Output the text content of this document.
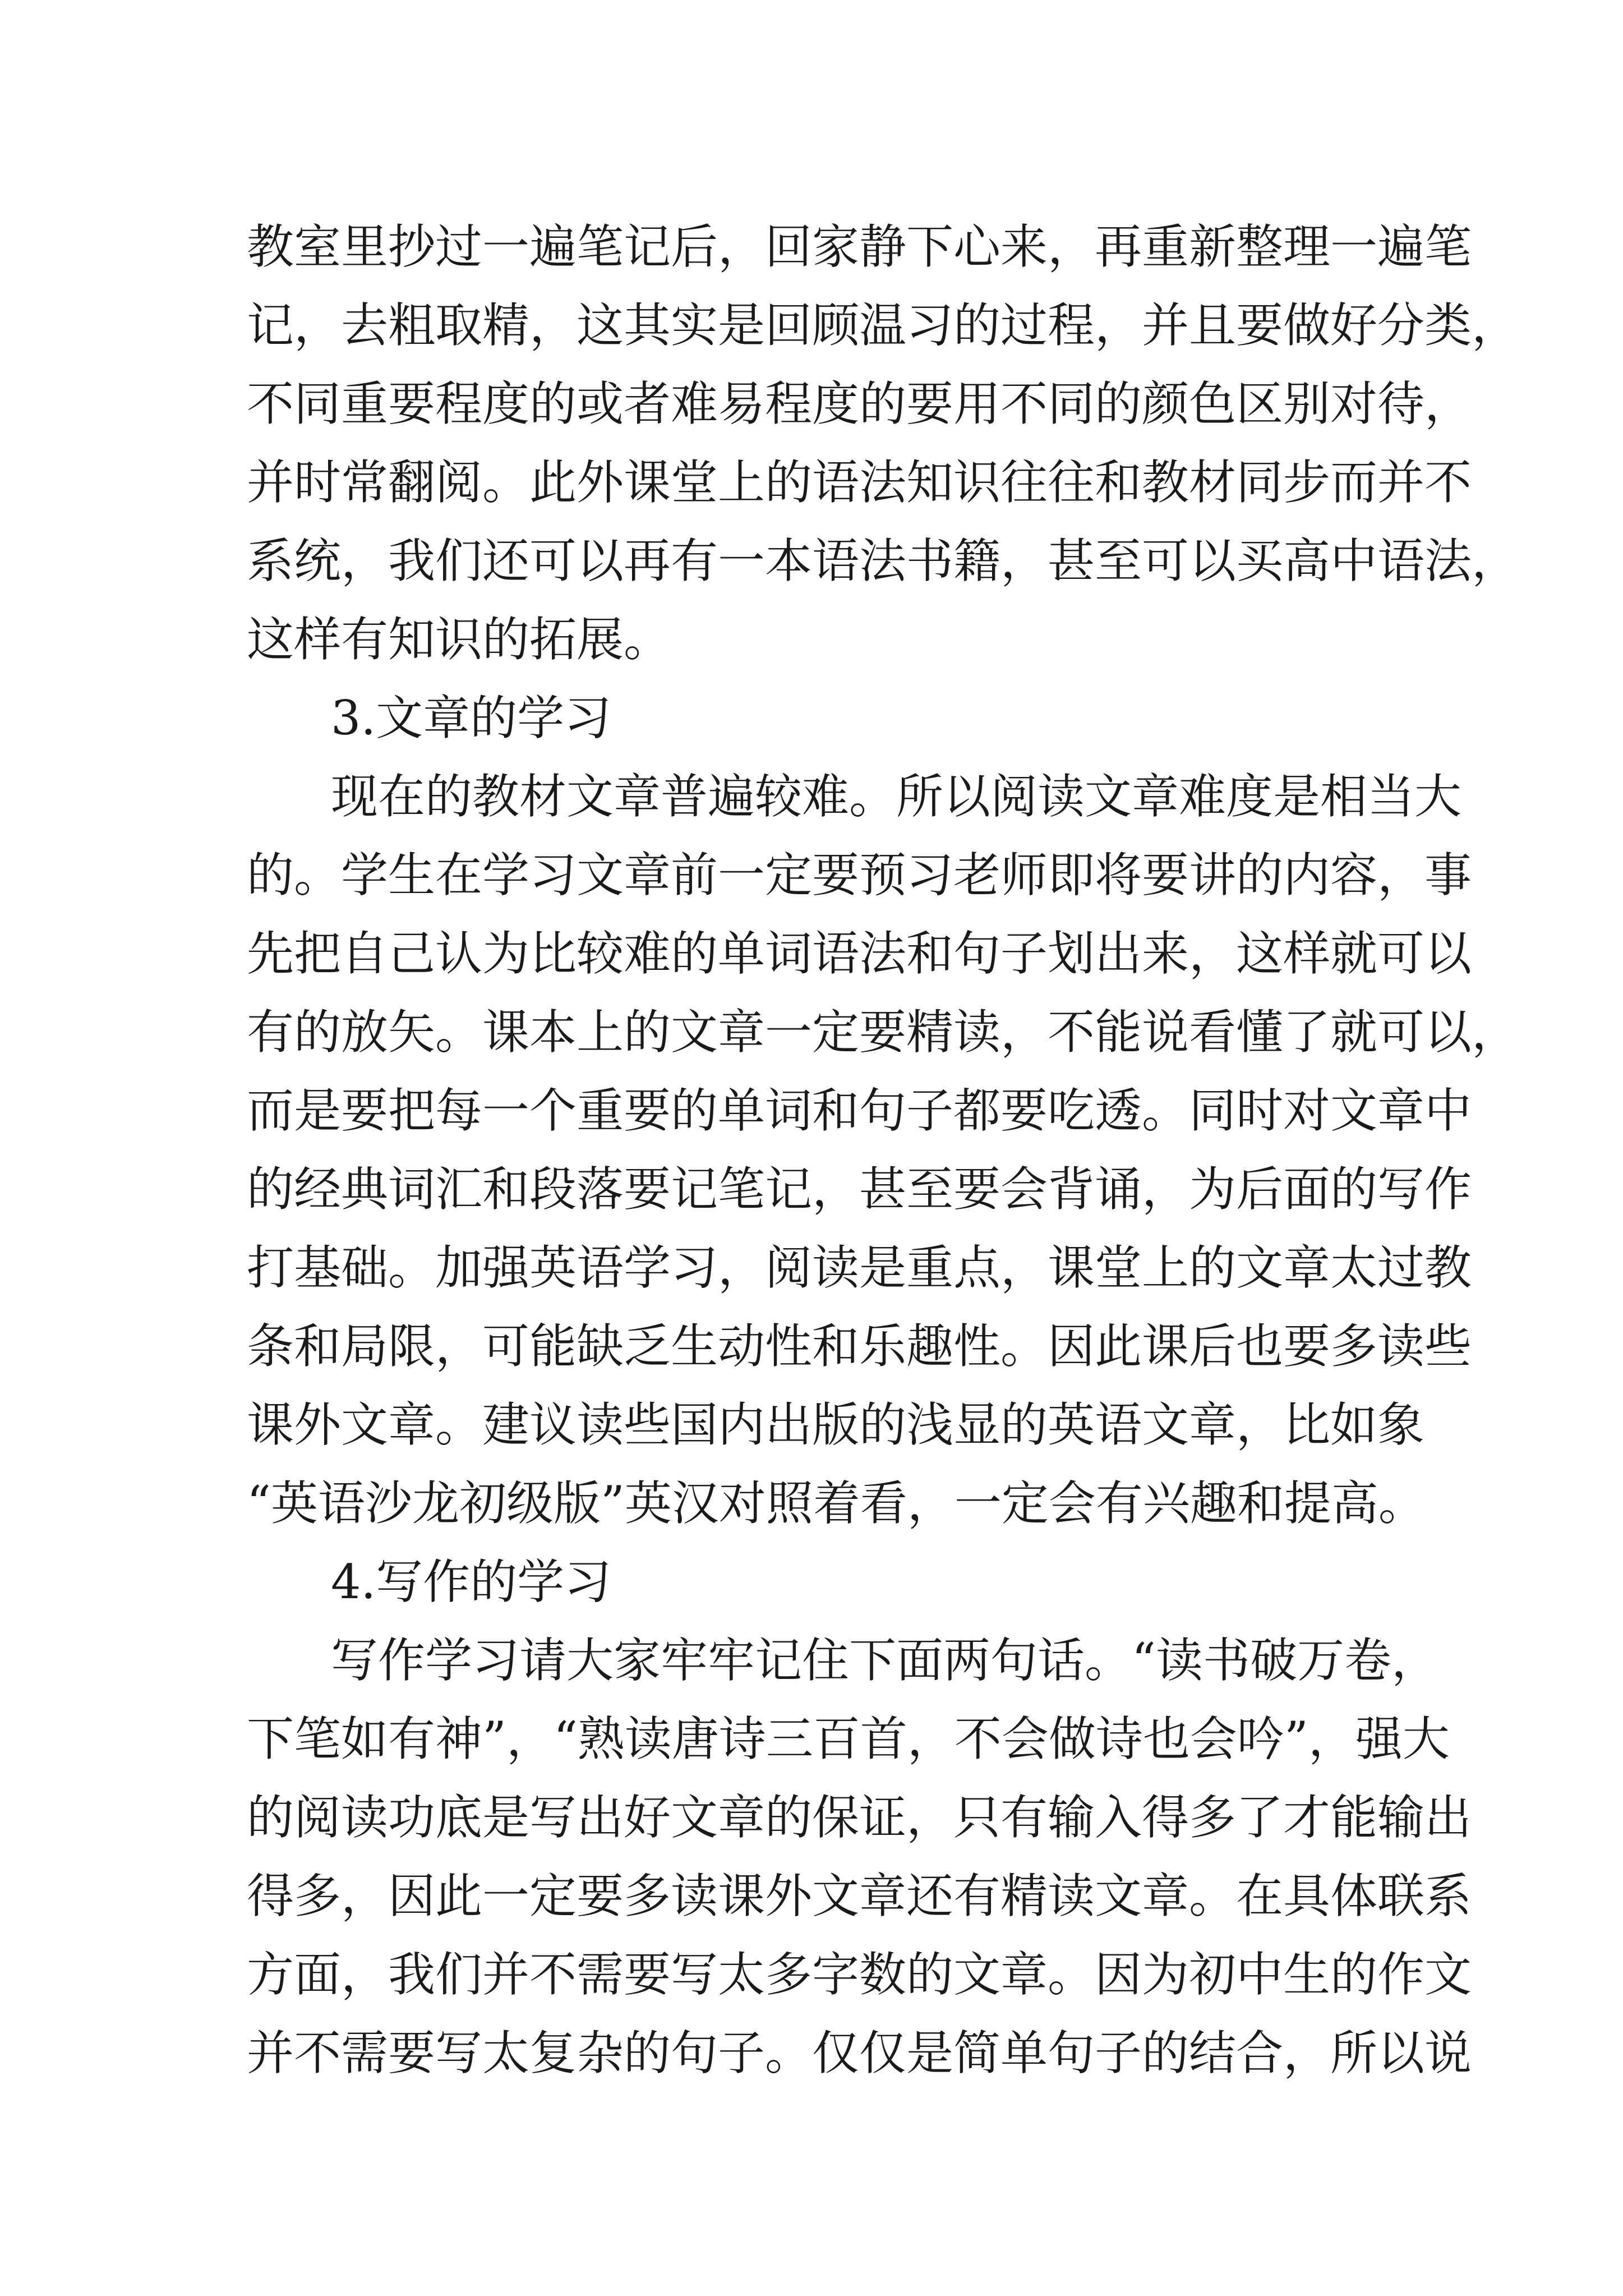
教室里抄过一遍笔记后，回家静下心来，再重新整理一遍笔
记，去粗取精，这其实是回顾温习的过程，并且要做好分类，
不同重要程度的或者难易程度的要用不同的颜色区别对待，
并时常翻阅。此外课堂上的语法知识往往和教材同步而并不
系统，我们还可以再有一本语法书籍，甚至可以买高中语法，
这样有知识的拓展。
3.文章的学习
现在的教材文章普遍较难。所以阅读文章难度是相当大
的。学生在学习文章前一定要预习老师即将要讲的内容，事
先把自己认为比较难的单词语法和句子划出来，这样就可以
有的放矢。课本上的文章一定要精读，不能说看懂了就可以，
而是要把每一个重要的单词和句子都要吃透。同时对文章中
的经典词汇和段落要记笔记，甚至要会背诵，为后面的写作
打基础。加强英语学习，阅读是重点，课堂上的文章太过教
条和局限，可能缺乏生动性和乐趣性。因此课后也要多读些
课外文章。建议读些国内出版的浅显的英语文章，比如象
“英语沙龙初级版”英汉对照着看，一定会有兴趣和提高。
4.写作的学习
写作学习请大家牢牢记住下面两句话。“读书破万卷，
下笔如有神”，“熟读唐诗三百首，不会做诗也会吟”，强大
的阅读功底是写出好文章的保证，只有输入得多了才能输出
得多，因此一定要多读课外文章还有精读文章。在具体联系
方面，我们并不需要写太多字数的文章。因为初中生的作文
并不需要写太复杂的句子。仅仅是简单句子的结合，所以说
